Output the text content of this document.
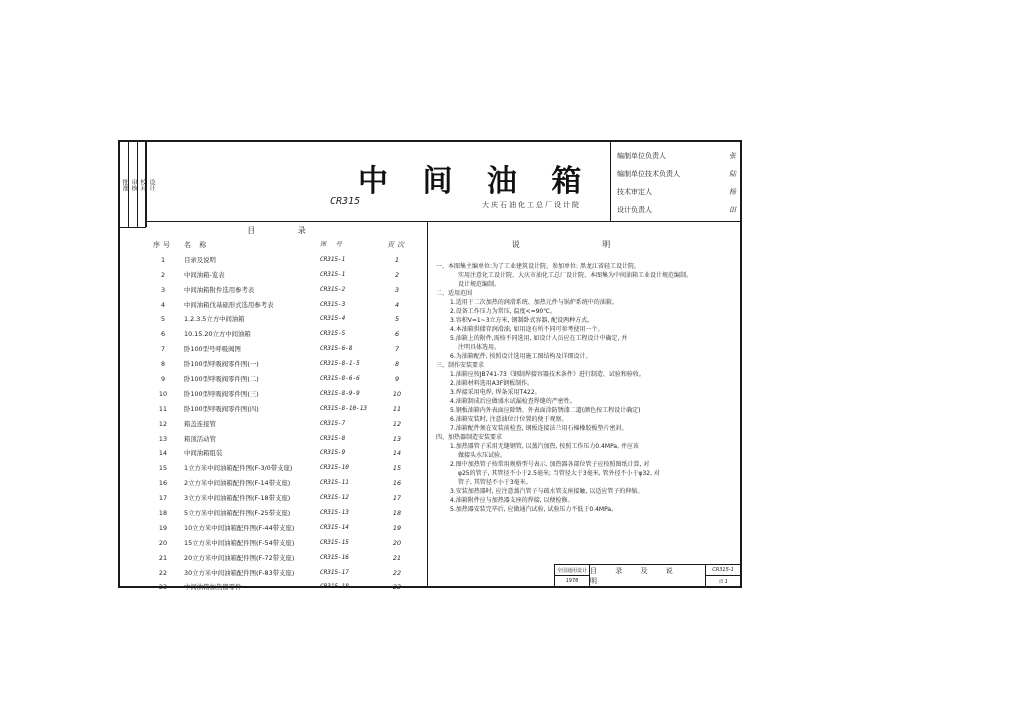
批准 审核 校对 设计	中 间 油 箱
CR315	大庆石油化工总厂设计院
编制单位负责人	张
编制单位技术负责人	陆
技术审定人	杨
设计负责人	田
目 录
序号	名 称	图 号	页次
1	目录及说明	CR315-1	1
2	中间油箱-览表	CR315-1	2
3	中间油箱附件选用参考表	CR315-2	3
4	中间油箱伐基础形式选用参考表	CR315-3	4
5	1.2.3.5立方中间油箱	CR315-4	5
6	10.15.20立方中间油箱	CR315-5	6
7	卧100型号呼吸阀图	CR315-6-8	7
8	卧100型呼吸阀零件图(一)	CR315-8-1-5	8
9	卧100型呼吸阀零件图(二)	CR315-8-6-6	9
10	卧100型呼吸阀零件图(三)	CR315-8-9-9	10
11	卧100型呼吸阀零件图(四)	CR315-8-10-13	11
12	箱盖连接管	CR315-7	12
13	箱顶活动管	CR315-8	13
14	中间油箱组装	CR315-9	14
15	1立方米中间油箱配件图(F-3/0带支座)	CR315-10	15
16	2立方米中间油箱配件图(F-14带支座)	CR315-11	16
17	3立方米中间油箱配件图(F-18带支座)	CR315-12	17
18	5立方米中间油箱配件图(F-25带支座)	CR315-13	18
19	10立方米中间油箱配件图(F-44带支座)	CR315-14	19
20	15立方米中间油箱配件图(F-54带支座)	CR315-15	20
21	20立方米中间油箱配件图(F-72带支座)	CR315-16	21
22	30立方米中间油箱配件图(F-83带支座)	CR315-17	22
23	中间油箱加热器零件	CR315-18	23
说 明
一、本图集主编单位:为了工业建筑设计院、参加单位: 黑龙江省轻工设计院。
实用注意化工设计院、大庆市油化工总厂设计院、本图集为中间油箱工业设计规范编制。
设计规范编制。
二、适用范围
1.适用于二次加热的润滑系统、加热元件与锅炉系统中的油箱。
2.设备工作压力为常压, 温度<=90℃。
3.容积V=1~3立方米, 钢制卧式容器, 配设两种方式。
4.本油箱供储存润滑油, 如用途有所不同可参考使用一个。
5.油箱上的附件,需按不同选用, 如设计人员应在工程设计中确定, 并
注明具体选用。
6.为油箱配件, 按照设计选用施工图结构及详细设计。
三、制作安装要求
1.油箱应按JB741-73《钢制焊接容器技术条件》进行制造、试验和验收。
2.油箱材料选用A3F钢板制作。
3.焊接采用电焊, 焊条采用T422。
4.油箱制成后应做盛水试漏检查焊缝的严密性。
5.钢板油箱内外表面应除锈、外表面涂防锈漆二道(颜色按工程设计确定)
6.油箱安装时, 注意油位计位置的便于观察。
7.油箱配件须在安装前检查, 钢板连接法兰用石棉橡胶板垫片密封。
四、加热器制造安装要求
1.加热器管子采用无缝钢管, 以蒸汽加热, 按照工作压力0.4MPa, 并应该
做接头水压试验。
2.图中加热管子按常用规格型号表示, 加热器各部位管子应按照图纸计算, 对
φ25的管子, 其管径不小于2.5毫米; 当管径大于3毫米, 管外径不小于φ32, 对
管子, 其管径不小于3毫米。
3.安装加热器时, 应注意蒸汽管子与疏水管支座接触, 以适应管子的伸缩。
4.油箱附件应与加热器支座的焊接, 以便检修。
5.加热器安装完毕后, 应做通汽试验, 试验压力不低于0.4MPa。
全国通用设计
1978
目 录 及 说 明
CR315-1
页 1
